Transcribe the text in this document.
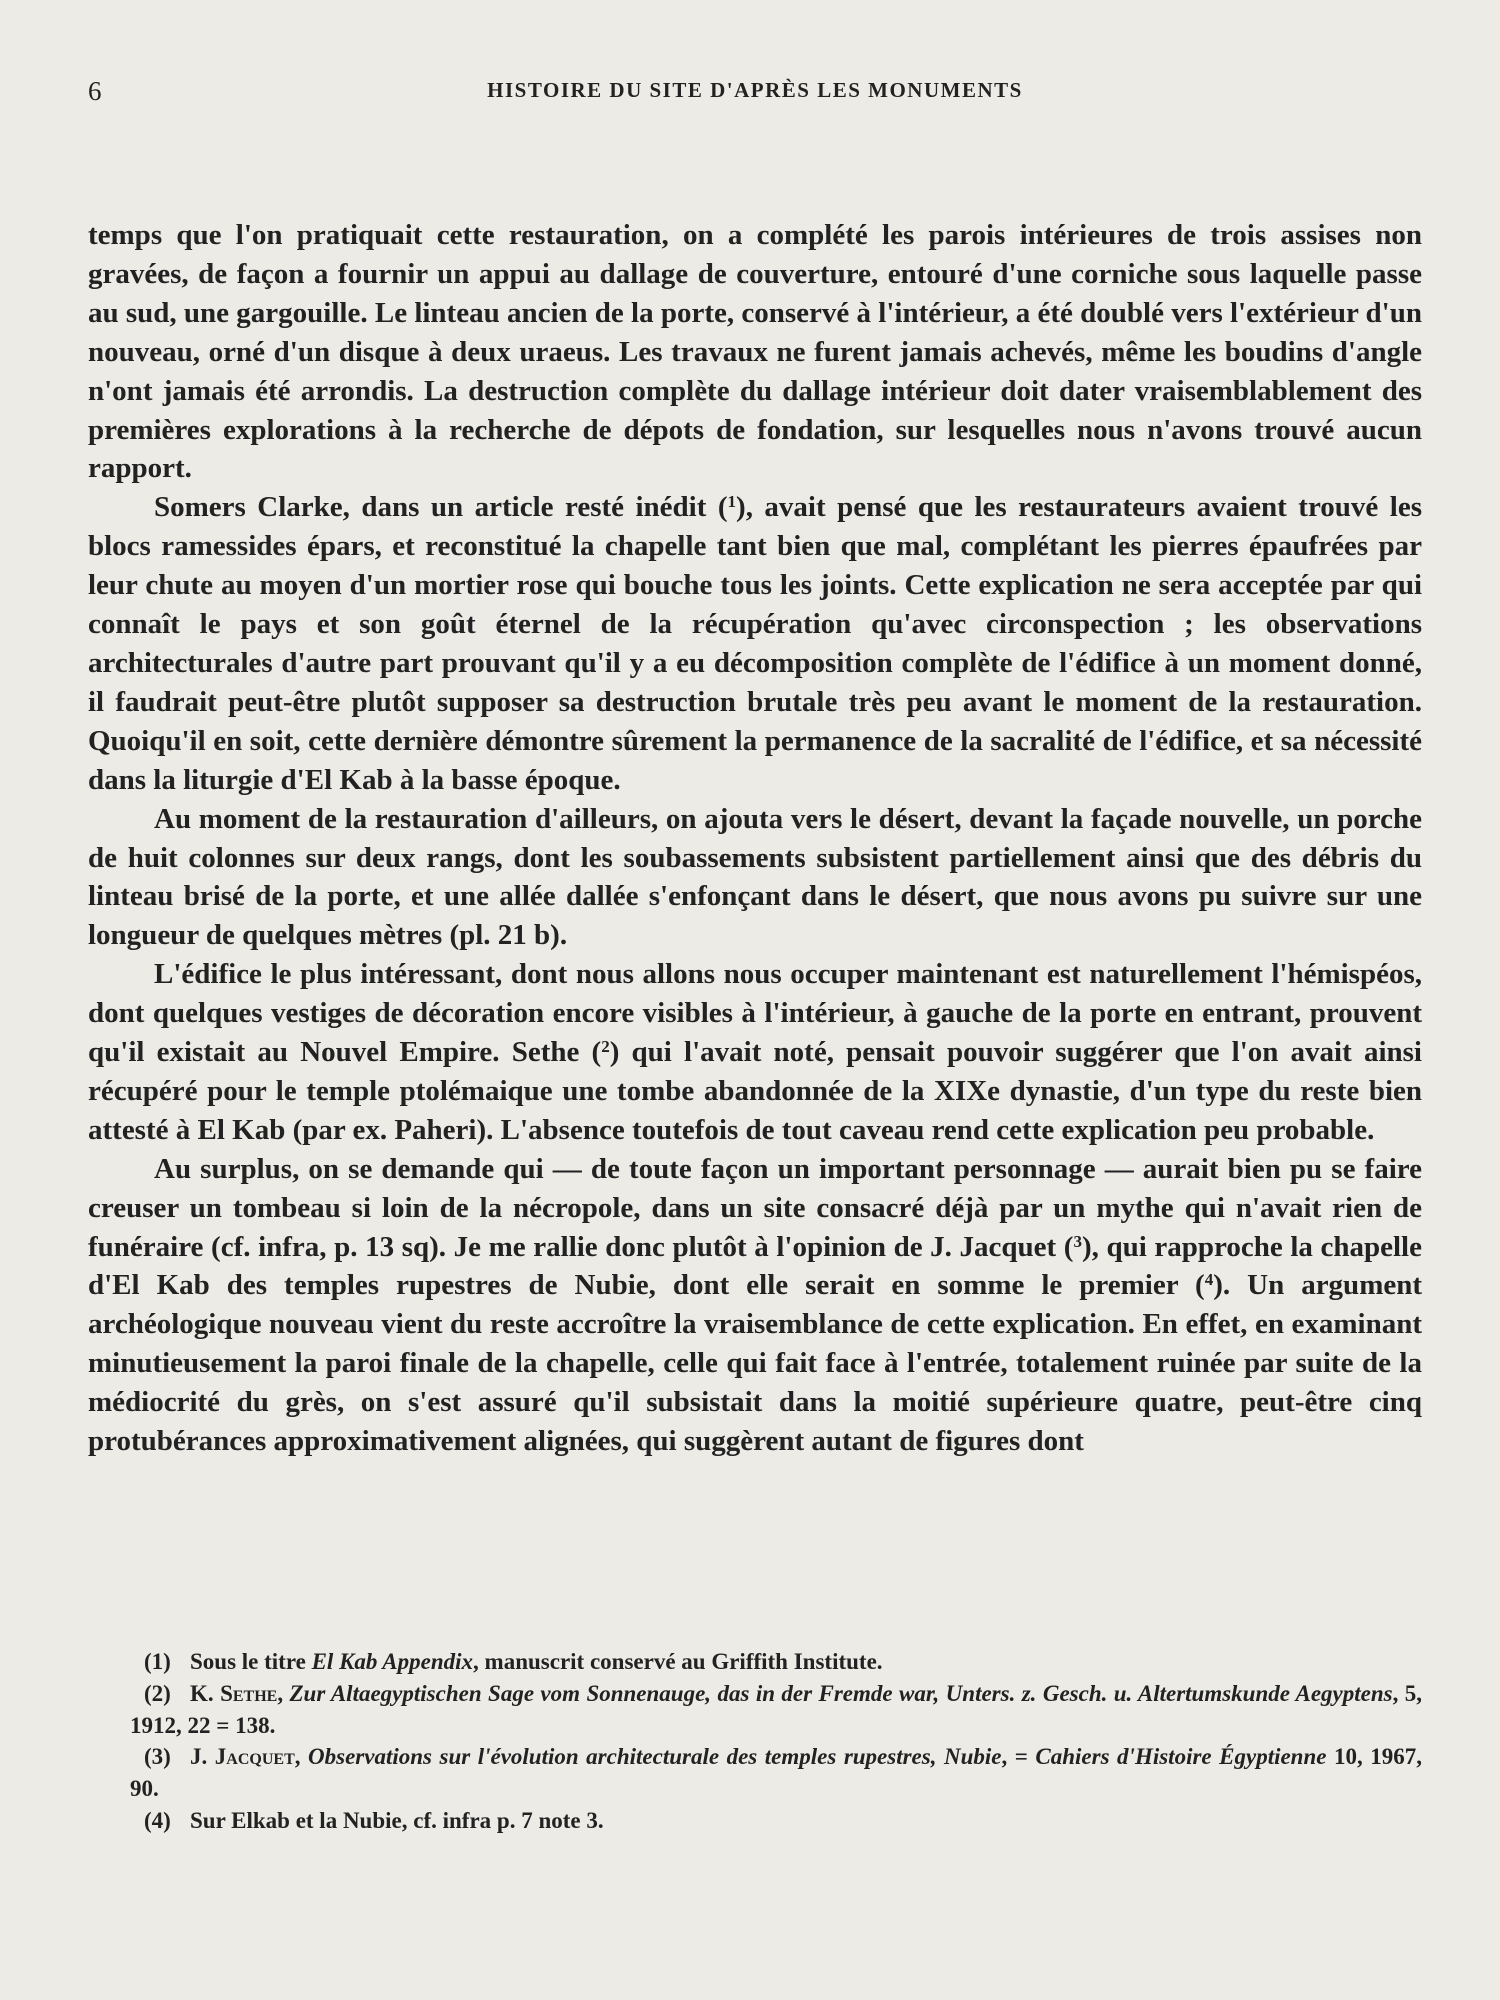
6	HISTOIRE DU SITE D'APRÈS LES MONUMENTS

temps que l'on pratiquait cette restauration, on a complété les parois intérieures de trois assises non gravées, de façon a fournir un appui au dallage de couverture, entouré d'une corniche sous laquelle passe au sud, une gargouille. Le linteau ancien de la porte, conservé à l'intérieur, a été doublé vers l'extérieur d'un nouveau, orné d'un disque à deux uraeus. Les travaux ne furent jamais achevés, même les boudins d'angle n'ont jamais été arrondis. La destruction complète du dallage intérieur doit dater vraisemblablement des premières explorations à la recherche de dépots de fondation, sur lesquelles nous n'avons trouvé aucun rapport.

Somers Clarke, dans un article resté inédit ($^1$), avait pensé que les restaurateurs avaient trouvé les blocs ramessides épars, et reconstitué la chapelle tant bien que mal, complétant les pierres épaufrées par leur chute au moyen d'un mortier rose qui bouche tous les joints. Cette explication ne sera acceptée par qui connaît le pays et son goût éternel de la récupération qu'avec circonspection ; les observations architecturales d'autre part prouvant qu'il y a eu décomposition complète de l'édifice à un moment donné, il faudrait peut-être plutôt supposer sa destruction brutale très peu avant le moment de la restauration. Quoiqu'il en soit, cette dernière démontre sûrement la permanence de la sacralité de l'édifice, et sa nécessité dans la liturgie d'El Kab à la basse époque.

Au moment de la restauration d'ailleurs, on ajouta vers le désert, devant la façade nouvelle, un porche de huit colonnes sur deux rangs, dont les soubassements subsistent partiellement ainsi que des débris du linteau brisé de la porte, et une allée dallée s'enfonçant dans le désert, que nous avons pu suivre sur une longueur de quelques mètres (pl. 21 b).

L'édifice le plus intéressant, dont nous allons nous occuper maintenant est naturellement l'hémispéos, dont quelques vestiges de décoration encore visibles à l'intérieur, à gauche de la porte en entrant, prouvent qu'il existait au Nouvel Empire. Sethe ($^2$) qui l'avait noté, pensait pouvoir suggérer que l'on avait ainsi récupéré pour le temple ptolémaique une tombe abandonnée de la XIXe dynastie, d'un type du reste bien attesté à El Kab (par ex. Paheri). L'absence toutefois de tout caveau rend cette explication peu probable.

Au surplus, on se demande qui — de toute façon un important personnage — aurait bien pu se faire creuser un tombeau si loin de la nécropole, dans un site consacré déjà par un mythe qui n'avait rien de funéraire (cf. infra, p. 13 sq). Je me rallie donc plutôt à l'opinion de J. Jacquet ($^3$), qui rapproche la chapelle d'El Kab des temples rupestres de Nubie, dont elle serait en somme le premier ($^4$). Un argument archéologique nouveau vient du reste accroître la vraisemblance de cette explication. En effet, en examinant minutieusement la paroi finale de la chapelle, celle qui fait face à l'entrée, totalement ruinée par suite de la médiocrité du grès, on s'est assuré qu'il subsistait dans la moitié supérieure quatre, peut-être cinq protubérances approximativement alignées, qui suggèrent autant de figures dont

(1) Sous le titre El Kab Appendix, manuscrit conservé au Griffith Institute.

(2) K. Sethe, Zur Altaegyptischen Sage vom Sonnenauge, das in der Fremde war, Unters. z. Gesch. u. Altertumskunde Aegyptens, 5, 1912, 22 = 138.

(3) J. Jacquet, Observations sur l'évolution architecturale des temples rupestres, Nubie, = Cahiers d'Histoire Égyptienne 10, 1967, 90.

(4) Sur Elkab et la Nubie, cf. infra p. 7 note 3.
